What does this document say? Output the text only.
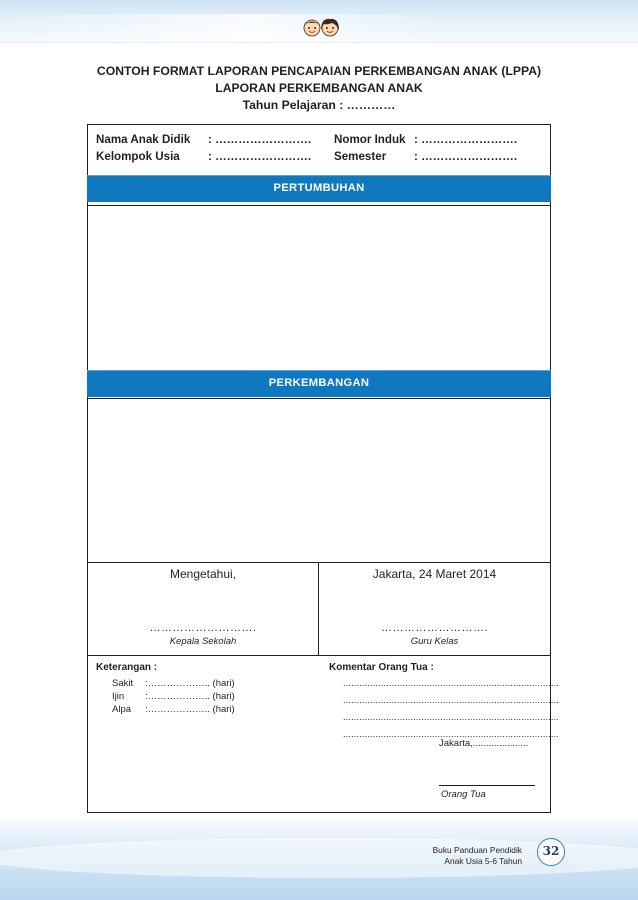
CONTOH FORMAT LAPORAN PENCAPAIAN PERKEMBANGAN ANAK (LPPA)
LAPORAN PERKEMBANGAN ANAK
Tahun Pelajaran : …………
Nama Anak Didik : …………………….
Kelompok Usia : …………………….
Nomor Induk : …………………….
Semester : …………………….
PERTUMBUHAN
PERKEMBANGAN
Mengetahui,
……………………….
Kepala Sekolah
Jakarta, 24 Maret 2014
……………………….
Guru Kelas
Keterangan :
Sakit :……………….. (hari)
Ijin :……………….. (hari)
Alpa :……………….. (hari)
Komentar Orang Tua :
................................................................................
................................................................................
................................................................................
................................................................................
Jakarta,.....................
Orang Tua
Buku Panduan Pendidik
Anak Usia 5-6 Tahun
32
